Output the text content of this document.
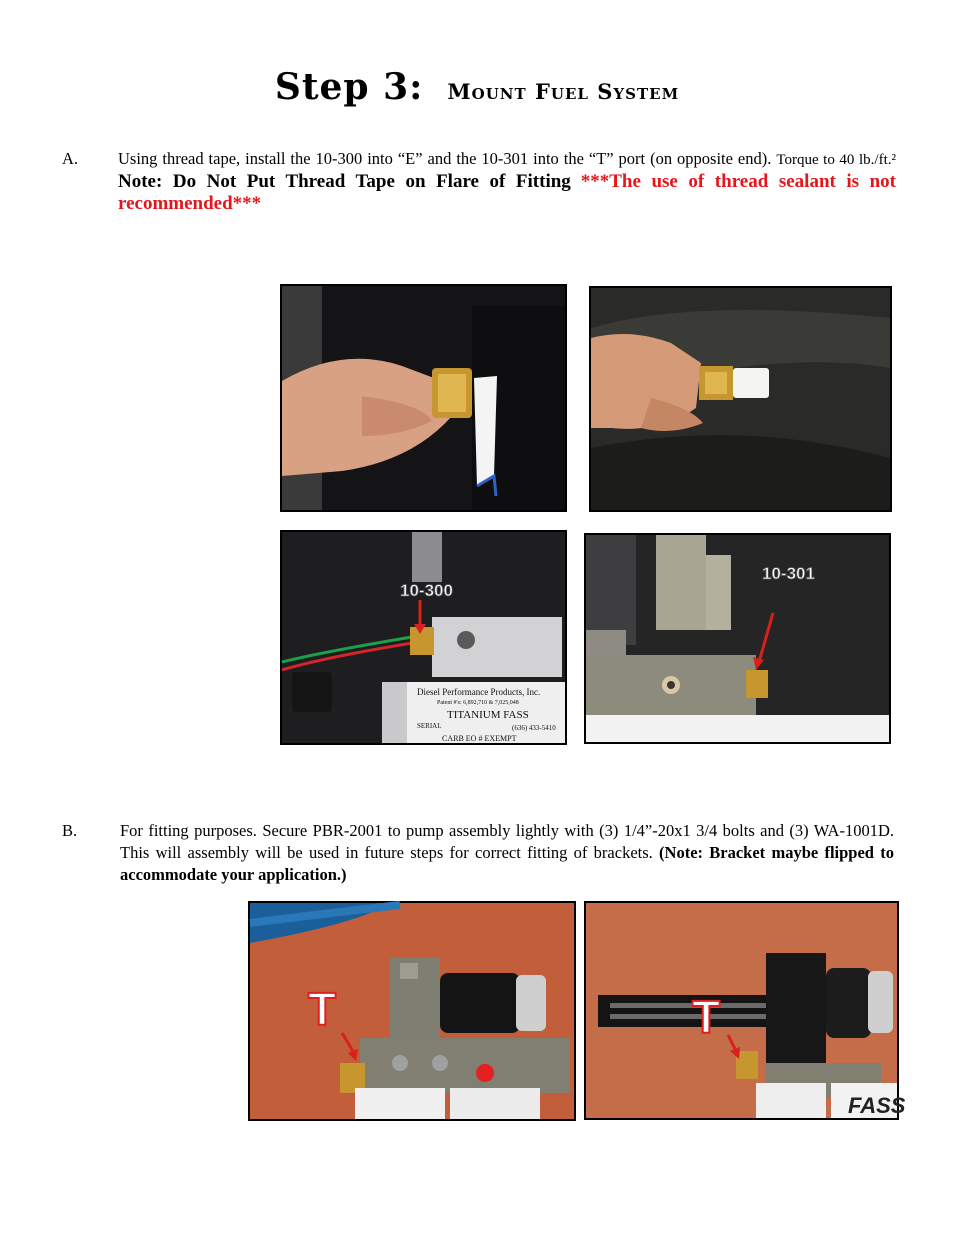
Step 3: Mount Fuel System
A. Using thread tape, install the 10-300 into “E” and the 10-301 into the “T” port (on opposite end). Torque to 40 lb./ft.² Note: Do Not Put Thread Tape on Flare of Fitting ***The use of thread sealant is not recommended***
Diesel Performance Products, Inc.
Patent #'s: 6,892,710 & 7,025,048
TITANIUM FASS
SERIAL	(636) 433-5410
CARB EO # EXEMPT
10-300
10-301
B.	For fitting purposes. Secure PBR-2001 to pump assembly lightly with (3) 1/4”-20x1 3/4 bolts and (3) WA-1001D. This will assembly will be used in future steps for correct fitting of brackets. (Note: Bracket maybe flipped to accommodate your application.)
T
FASS
T
